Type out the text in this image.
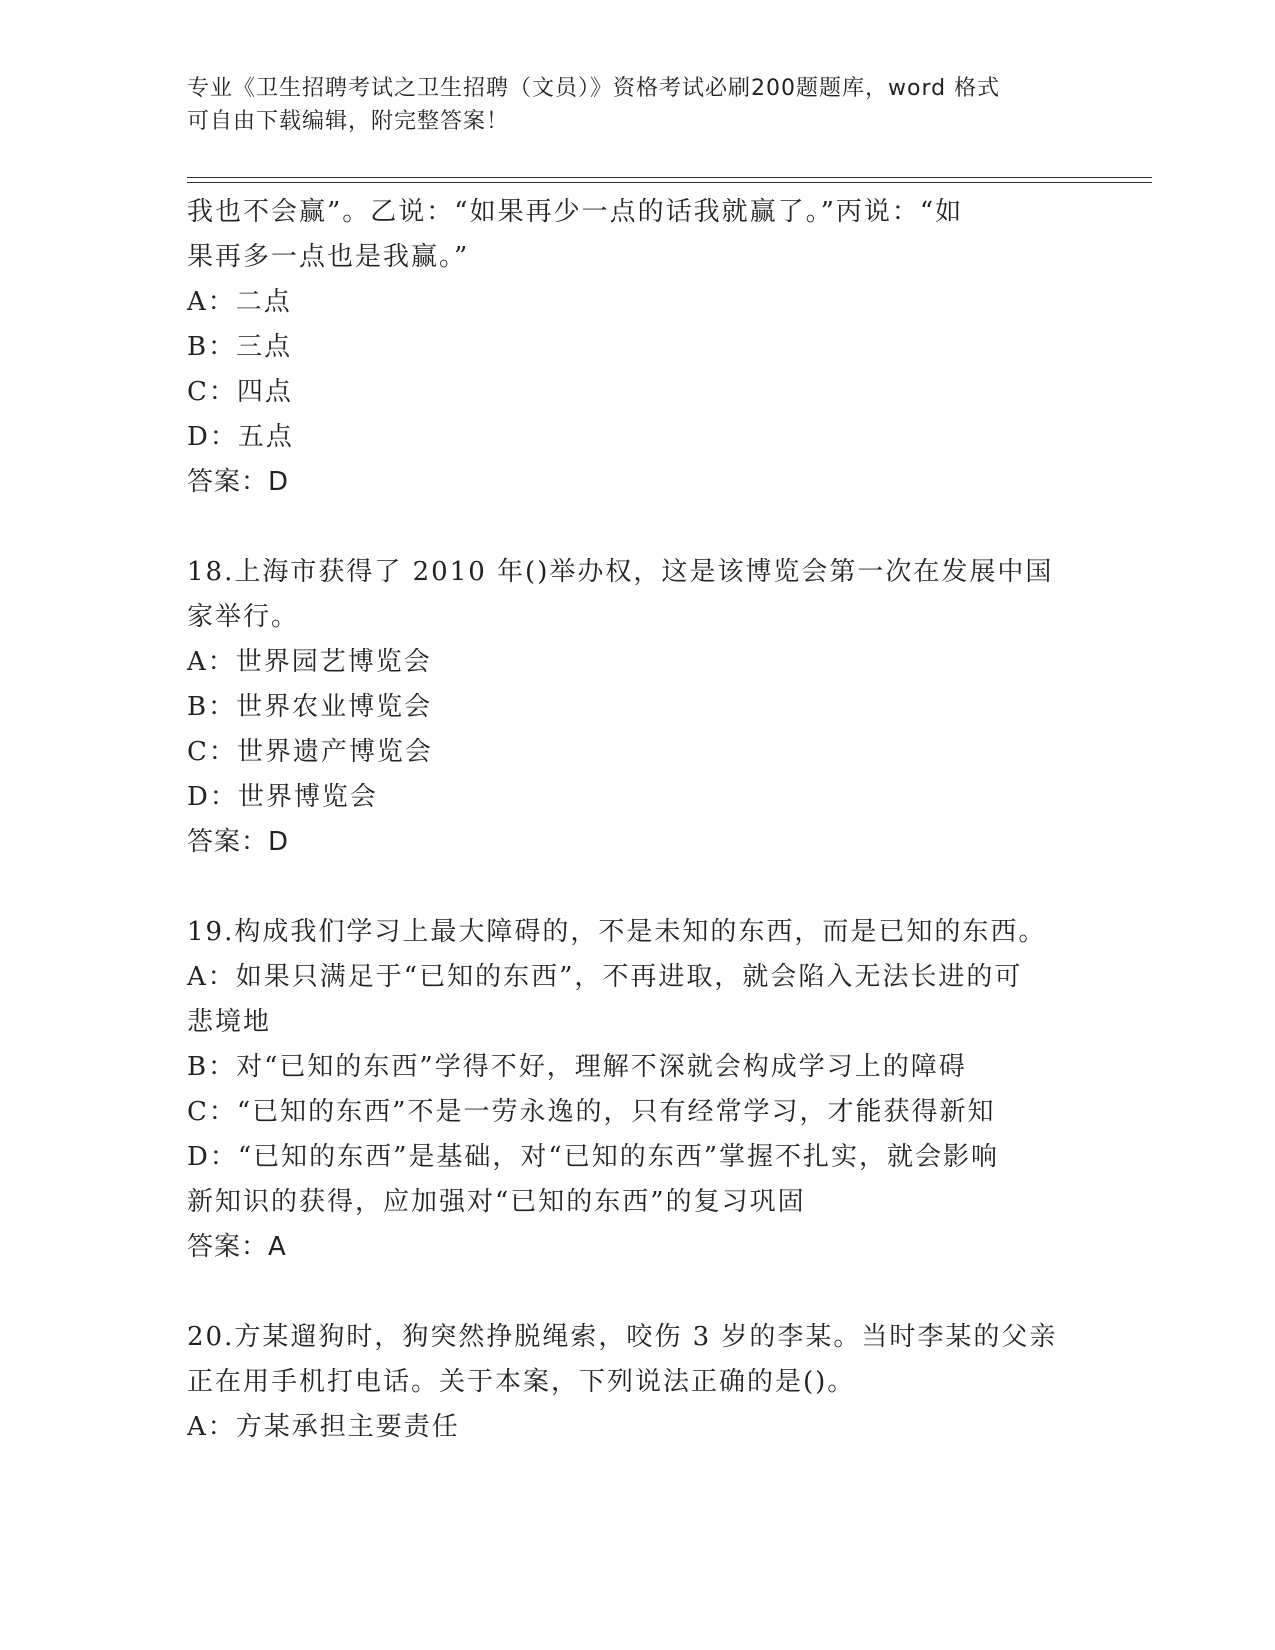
专业《卫生招聘考试之卫生招聘（文员）》资格考试必刷200题题库，word 格式
可自由下载编辑，附完整答案！
我也不会赢”。乙说：“如果再少一点的话我就赢了。”丙说：“如
果再多一点也是我赢。”
A：二点
B：三点
C：四点
D：五点
答案：D
18.上海市获得了 2010 年()举办权，这是该博览会第一次在发展中国
家举行。
A：世界园艺博览会
B：世界农业博览会
C：世界遗产博览会
D：世界博览会
答案：D
19.构成我们学习上最大障碍的，不是未知的东西，而是已知的东西。
A：如果只满足于“已知的东西”，不再进取，就会陷入无法长进的可
悲境地
B：对“已知的东西”学得不好，理解不深就会构成学习上的障碍
C：“已知的东西”不是一劳永逸的，只有经常学习，才能获得新知
D：“已知的东西”是基础，对“已知的东西”掌握不扎实，就会影响
新知识的获得，应加强对“已知的东西”的复习巩固
答案：A
20.方某遛狗时，狗突然挣脱绳索，咬伤 3 岁的李某。当时李某的父亲
正在用手机打电话。关于本案，下列说法正确的是()。
A：方某承担主要责任
